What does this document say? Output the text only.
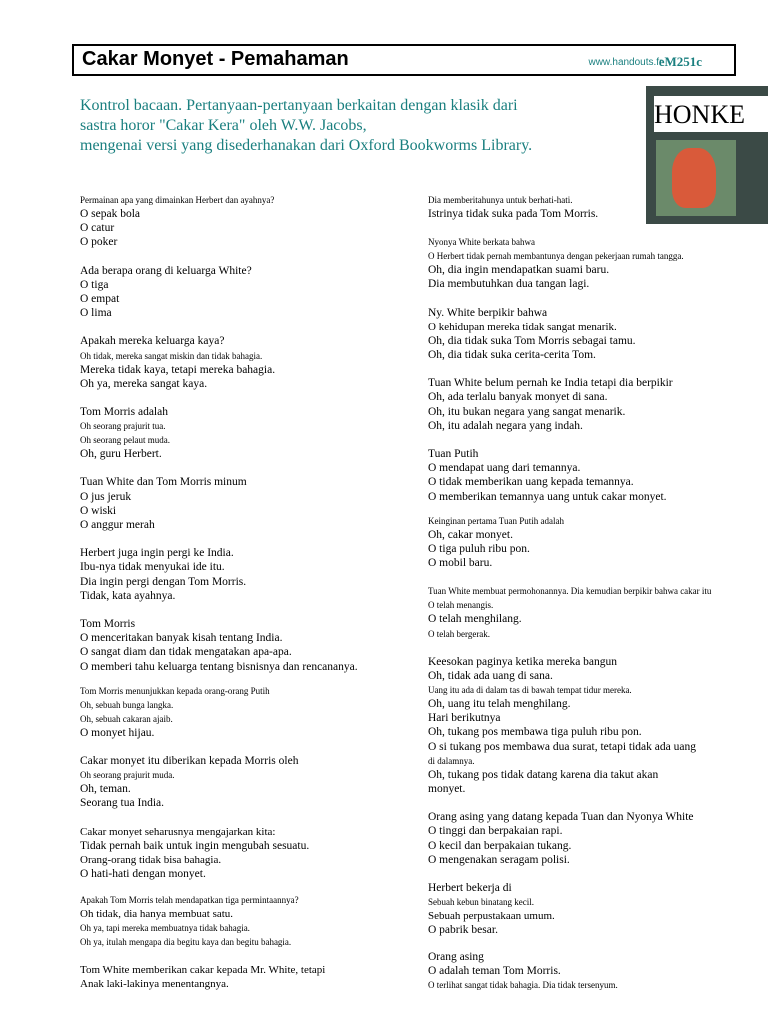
Cakar Monyet - Pemahaman	www.handouts.fr
eM251c
Kontrol bacaan. Pertanyaan-pertanyaan berkaitan dengan klasik dari
sastra horor "Cakar Kera" oleh W.W. Jacobs,
mengenai versi yang disederhanakan dari Oxford Bookworms Library.
HONKE
Permainan apa yang dimainkan Herbert dan ayahnya?
O sepak bola
O catur
O poker
Ada berapa orang di keluarga White?
O tiga
O empat
O lima
Apakah mereka keluarga kaya?
Oh tidak, mereka sangat miskin dan tidak bahagia.
Mereka tidak kaya, tetapi mereka bahagia.
Oh ya, mereka sangat kaya.
Tom Morris adalah
Oh seorang prajurit tua.
Oh seorang pelaut muda.
Oh, guru Herbert.
Tuan White dan Tom Morris minum
O jus jeruk
O wiski
O anggur merah
Herbert juga ingin pergi ke India.
Ibu-nya tidak menyukai ide itu.
Dia ingin pergi dengan Tom Morris.
Tidak, kata ayahnya.
Tom Morris
O menceritakan banyak kisah tentang India.
O sangat diam dan tidak mengatakan apa-apa.
O memberi tahu keluarga tentang bisnisnya dan rencananya.
Tom Morris menunjukkan kepada orang-orang Putih
Oh, sebuah bunga langka.
Oh, sebuah cakaran ajaib.
O monyet hijau.
Cakar monyet itu diberikan kepada Morris oleh
Oh seorang prajurit muda.
Oh, teman.
Seorang tua India.
Cakar monyet seharusnya mengajarkan kita:
Tidak pernah baik untuk ingin mengubah sesuatu.
Orang-orang tidak bisa bahagia.
O hati-hati dengan monyet.
Apakah Tom Morris telah mendapatkan tiga permintaannya?
Oh tidak, dia hanya membuat satu.
Oh ya, tapi mereka membuatnya tidak bahagia.
Oh ya, itulah mengapa dia begitu kaya dan begitu bahagia.
Tom White memberikan cakar kepada Mr. White, tetapi
Anak laki-lakinya menentangnya.
Dia memberitahunya untuk berhati-hati.
Istrinya tidak suka pada Tom Morris.
Nyonya White berkata bahwa
O Herbert tidak pernah membantunya dengan pekerjaan rumah tangga.
Oh, dia ingin mendapatkan suami baru.
Dia membutuhkan dua tangan lagi.
Ny. White berpikir bahwa
O kehidupan mereka tidak sangat menarik.
Oh, dia tidak suka Tom Morris sebagai tamu.
Oh, dia tidak suka cerita-cerita Tom.
Tuan White belum pernah ke India tetapi dia berpikir
Oh, ada terlalu banyak monyet di sana.
Oh, itu bukan negara yang sangat menarik.
Oh, itu adalah negara yang indah.
Tuan Putih
O mendapat uang dari temannya.
O tidak memberikan uang kepada temannya.
O memberikan temannya uang untuk cakar monyet.
Keinginan pertama Tuan Putih adalah
Oh, cakar monyet.
O tiga puluh ribu pon.
O mobil baru.
Tuan White membuat permohonannya. Dia kemudian berpikir bahwa cakar itu
O telah menangis.
O telah menghilang.
O telah bergerak.
Keesokan paginya ketika mereka bangun
Oh, tidak ada uang di sana.
Uang itu ada di dalam tas di bawah tempat tidur mereka.
Oh, uang itu telah menghilang.
Hari berikutnya
Oh, tukang pos membawa tiga puluh ribu pon.
O si tukang pos membawa dua surat, tetapi tidak ada uang
di dalamnya.
Oh, tukang pos tidak datang karena dia takut akan
monyet.
Orang asing yang datang kepada Tuan dan Nyonya White
O tinggi dan berpakaian rapi.
O kecil dan berpakaian tukang.
O mengenakan seragam polisi.
Herbert bekerja di
Sebuah kebun binatang kecil.
Sebuah perpustakaan umum.
O pabrik besar.
Orang asing
O adalah teman Tom Morris.
O terlihat sangat tidak bahagia. Dia tidak tersenyum.
